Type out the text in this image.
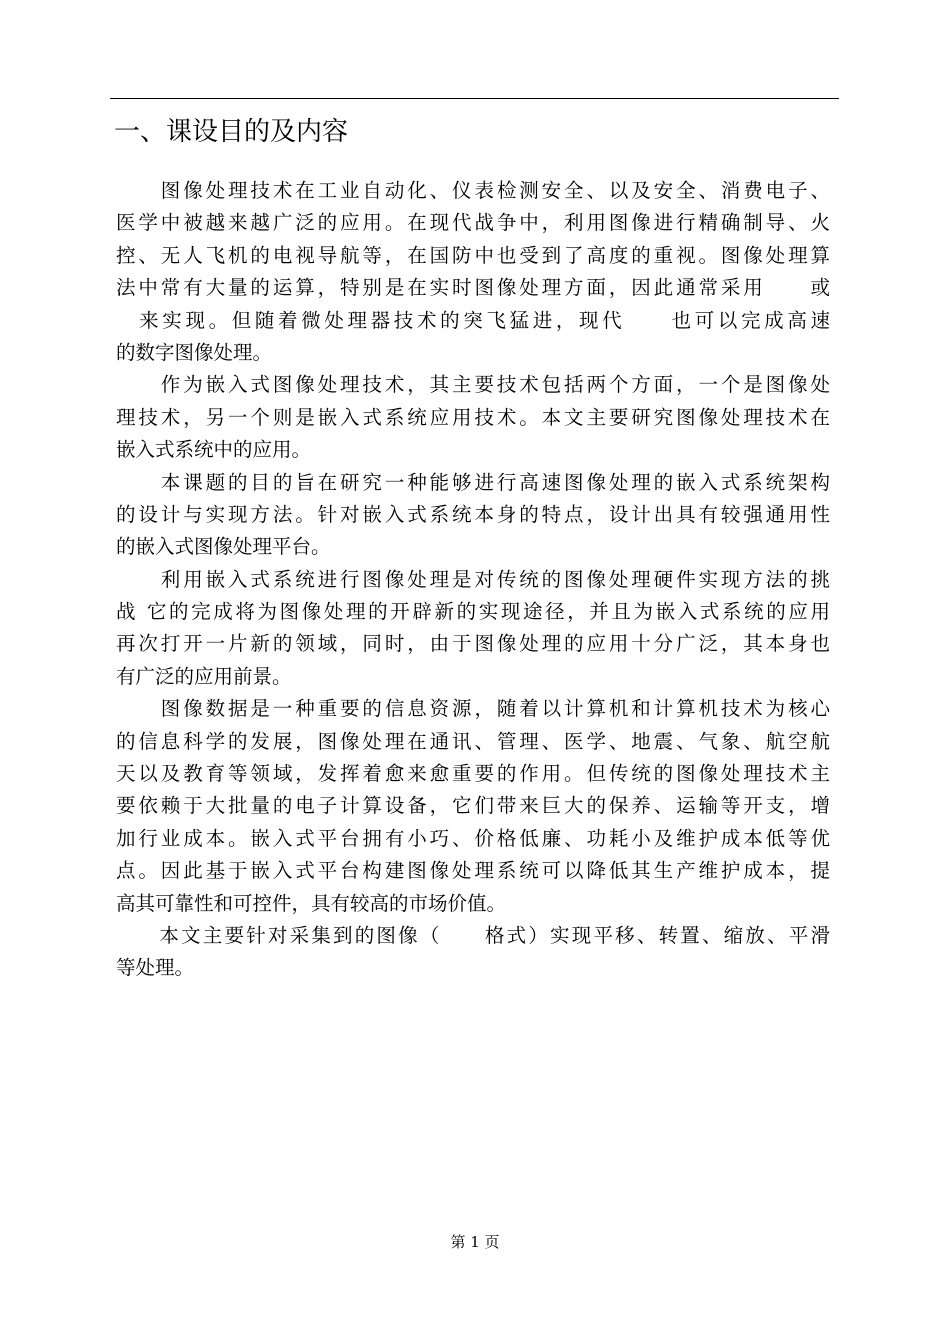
一、课设目的及内容

　　图像处理技术在工业自动化、仪表检测安全、以及安全、消费电子、
医学中被越来越广泛的应用。在现代战争中，利用图像进行精确制导、火
控、无人飞机的电视导航等，在国防中也受到了高度的重视。图像处理算
法中常有大量的运算，特别是在实时图像处理方面，因此通常采用　　或
　来实现。但随着微处理器技术的突飞猛进，现代　　也可以完成高速
的数字图像处理。

　　作为嵌入式图像处理技术，其主要技术包括两个方面，一个是图像处
理技术，另一个则是嵌入式系统应用技术。本文主要研究图像处理技术在
嵌入式系统中的应用。

　　本课题的目的旨在研究一种能够进行高速图像处理的嵌入式系统架构
的设计与实现方法。针对嵌入式系统本身的特点，设计出具有较强通用性
的嵌入式图像处理平台。

　　利用嵌入式系统进行图像处理是对传统的图像处理硬件实现方法的挑
战 它的完成将为图像处理的开辟新的实现途径，并且为嵌入式系统的应用
再次打开一片新的领域，同时，由于图像处理的应用十分广泛，其本身也
有广泛的应用前景。

　　图像数据是一种重要的信息资源，随着以计算机和计算机技术为核心
的信息科学的发展，图像处理在通讯、管理、医学、地震、气象、航空航
天以及教育等领域，发挥着愈来愈重要的作用。但传统的图像处理技术主
要依赖于大批量的电子计算设备，它们带来巨大的保养、运输等开支，增
加行业成本。嵌入式平台拥有小巧、价格低廉、功耗小及维护成本低等优
点。因此基于嵌入式平台构建图像处理系统可以降低其生产维护成本，提
高其可靠性和可控件，具有较高的市场价值。

　　本文主要针对采集到的图像（　　格式）实现平移、转置、缩放、平滑
等处理。

第 1 页
